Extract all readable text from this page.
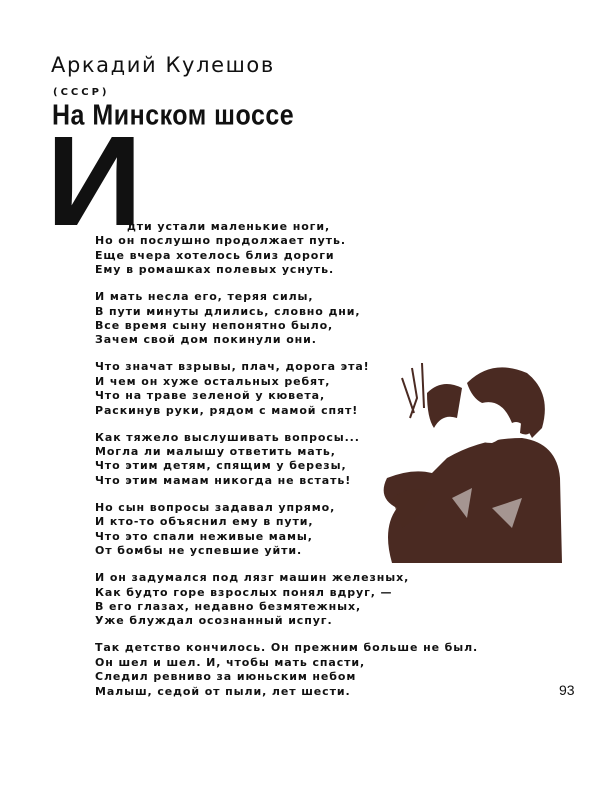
Аркадий Кулешов
(СССР)
На Минском шоссе
И
дти устали маленькие ноги,
Но он послушно продолжает путь.
Еще вчера хотелось близ дороги
Ему в ромашках полевых уснуть.
И мать несла его, теряя силы,
В пути минуты длились, словно дни,
Все время сыну непонятно было,
Зачем свой дом покинули они.
Что значат взрывы, плач, дорога эта!
И чем он хуже остальных ребят,
Что на траве зеленой у кювета,
Раскинув руки, рядом с мамой спят!
Как тяжело выслушивать вопросы...
Могла ли малышу ответить мать,
Что этим детям, спящим у березы,
Что этим мамам никогда не встать!
Но сын вопросы задавал упрямо,
И кто-то объяснил ему в пути,
Что это спали неживые мамы,
От бомбы не успевшие уйти.
И он задумался под лязг машин железных,
Как будто горе взрослых понял вдруг, —
В его глазах, недавно безмятежных,
Уже блуждал осознанный испуг.
Так детство кончилось. Он прежним больше не был.
Он шел и шел. И, чтобы мать спасти,
Следил ревниво за июньским небом
Малыш, седой от пыли, лет шести.	93
